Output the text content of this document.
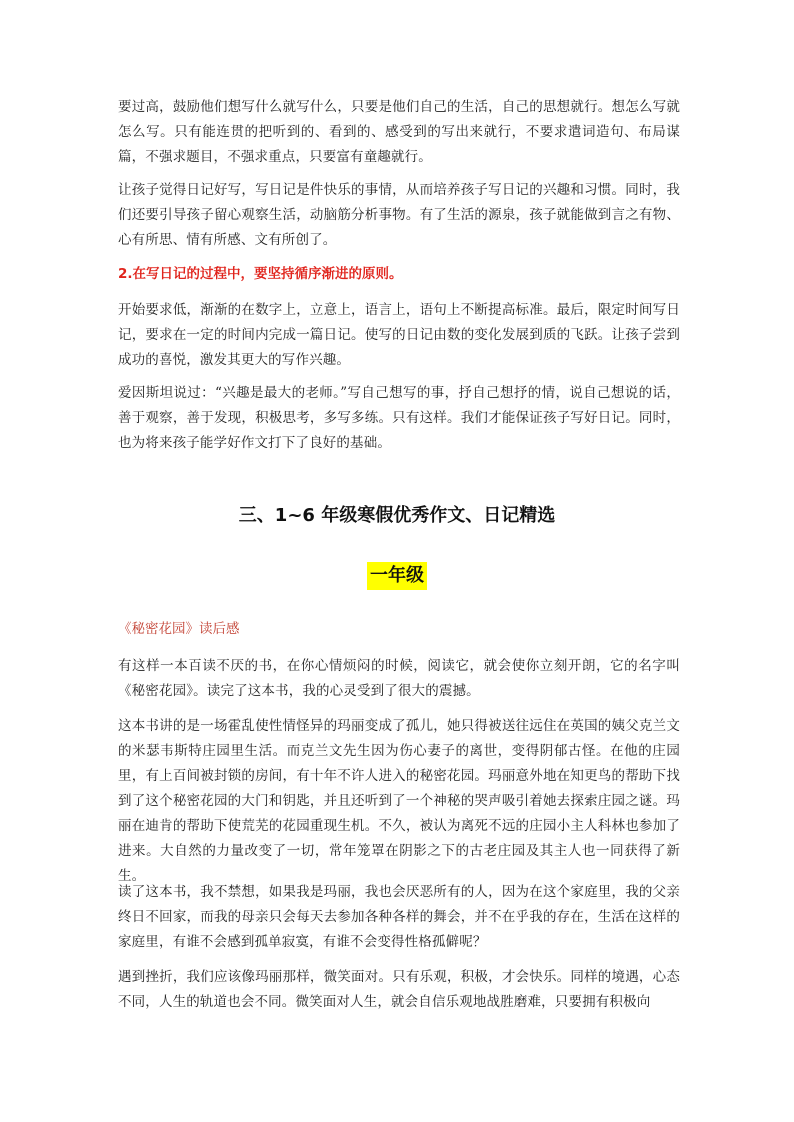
要过高，鼓励他们想写什么就写什么，只要是他们自己的生活，自己的思想就行。想怎么写就怎么写。只有能连贯的把听到的、看到的、感受到的写出来就行，不要求遣词造句、布局谋篇，不强求题目，不强求重点，只要富有童趣就行。

让孩子觉得日记好写，写日记是件快乐的事情，从而培养孩子写日记的兴趣和习惯。同时，我们还要引导孩子留心观察生活，动脑筋分析事物。有了生活的源泉，孩子就能做到言之有物、心有所思、情有所感、文有所创了。

2.在写日记的过程中，要坚持循序渐进的原则。

开始要求低，渐渐的在数字上，立意上，语言上，语句上不断提高标准。最后，限定时间写日记，要求在一定的时间内完成一篇日记。使写的日记由数的变化发展到质的飞跃。让孩子尝到成功的喜悦，激发其更大的写作兴趣。

爱因斯坦说过：“兴趣是最大的老师。”写自己想写的事，抒自己想抒的情，说自己想说的话，善于观察，善于发现，积极思考，多写多练。只有这样。我们才能保证孩子写好日记。同时，也为将来孩子能学好作文打下了良好的基础。

三、1~6 年级寒假优秀作文、日记精选
一年级

《秘密花园》读后感

有这样一本百读不厌的书，在你心情烦闷的时候，阅读它，就会使你立刻开朗，它的名字叫《秘密花园》。读完了这本书，我的心灵受到了很大的震撼。

这本书讲的是一场霍乱使性情怪异的玛丽变成了孤儿，她只得被送往远住在英国的姨父克兰文的米瑟韦斯特庄园里生活。而克兰文先生因为伤心妻子的离世，变得阴郁古怪。在他的庄园里，有上百间被封锁的房间，有十年不许人进入的秘密花园。玛丽意外地在知更鸟的帮助下找到了这个秘密花园的大门和钥匙，并且还听到了一个神秘的哭声吸引着她去探索庄园之谜。玛丽在迪肯的帮助下使荒芜的花园重现生机。不久，被认为离死不远的庄园小主人科林也参加了进来。大自然的力量改变了一切，常年笼罩在阴影之下的古老庄园及其主人也一同获得了新生。

读了这本书，我不禁想，如果我是玛丽，我也会厌恶所有的人，因为在这个家庭里，我的父亲终日不回家，而我的母亲只会每天去参加各种各样的舞会，并不在乎我的存在，生活在这样的家庭里，有谁不会感到孤单寂寞，有谁不会变得性格孤僻呢？

遇到挫折，我们应该像玛丽那样，微笑面对。只有乐观，积极，才会快乐。同样的境遇，心态不同，人生的轨道也会不同。微笑面对人生，就会自信乐观地战胜磨难，只要拥有积极向
